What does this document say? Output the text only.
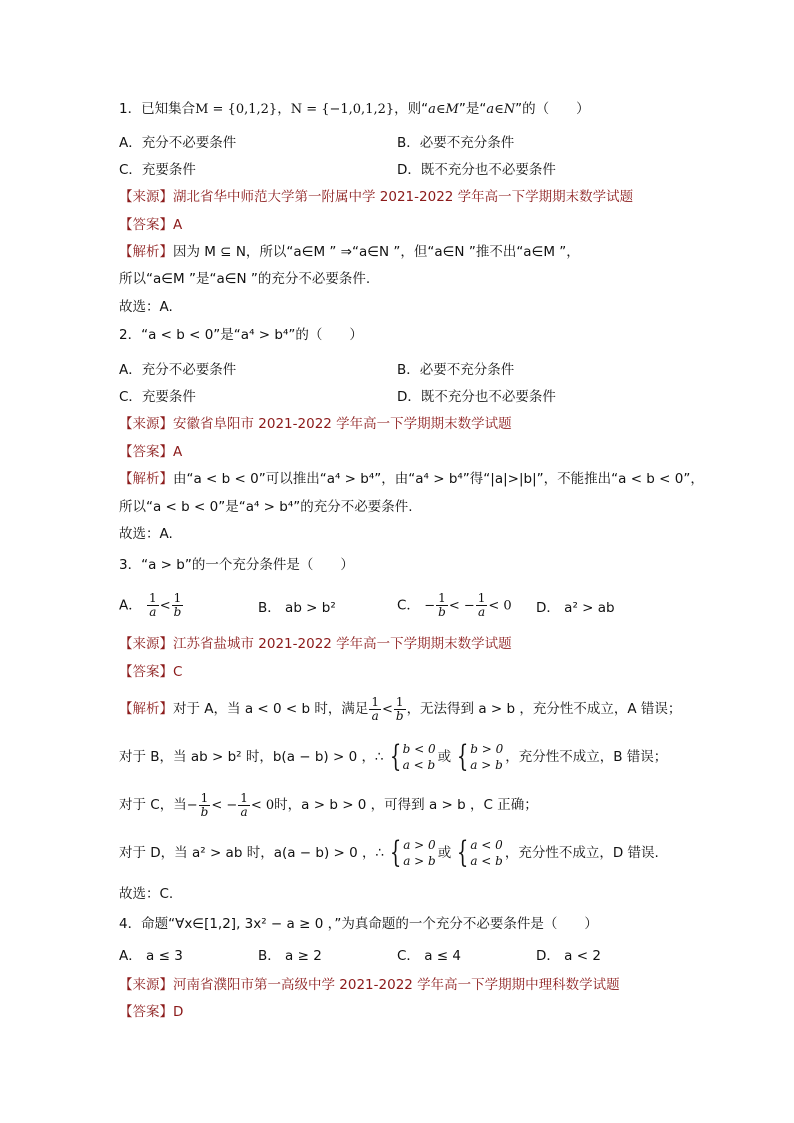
1．已知集合M = {0,1,2}，N = {−1,0,1,2}，则“a∈M”是“a∈N”的（　　）
A．充分不必要条件	B．必要不充分条件
C．充要条件	D．既不充分也不必要条件
【来源】湖北省华中师范大学第一附属中学 2021-2022 学年高一下学期期末数学试题
【答案】A
【解析】因为 M ⊆ N，所以“a∈M ” ⇒“a∈N ”，但“a∈N ”推不出“a∈M ”，
所以“a∈M ”是“a∈N ”的充分不必要条件.
故选：A.
2．“a < b < 0”是“a⁴ > b⁴”的（　　）
A．充分不必要条件	B．必要不充分条件
C．充要条件	D．既不充分也不必要条件
【来源】安徽省阜阳市 2021-2022 学年高一下学期期末数学试题
【答案】A
【解析】由“a < b < 0”可以推出“a⁴ > b⁴”，由“a⁴ > b⁴”得“|a|>|b|”，不能推出“a < b < 0”，
所以“a < b < 0”是“a⁴ > b⁴”的充分不必要条件.
故选：A.
3．“a > b”的一个充分条件是（　　）
A． $\frac{1}{a} < \frac{1}{b}$	B． ab > b²	C． − $\frac{1}{b}$ < − $\frac{1}{a} < 0$ D． a² > ab
【来源】江苏省盐城市 2021-2022 学年高一下学期期末数学试题
【答案】C
【解析】对于 A，当 a < 0 < b 时，满足 $\frac{1}{a} < \frac{1}{b}$ ，无法得到 a > b ，充分性不成立，A 错误；
对于 B，当 ab > b² 时，b(a − b) > 0 ，∴ { b < 0
a < b 或 { b > 0
a > b ，充分性不成立，B 错误；
对于 C，当− $\frac{1}{b}$ < − $\frac{1}{a} < 0$时，a > b > 0 ，可得到 a > b ，C 正确；
对于 D，当 a² > ab 时，a(a − b) > 0 ，∴ { a > 0
a > b 或 { a < 0
a < b ，充分性不成立，D 错误.
故选：C.
4．命题“∀x∈[1,2], 3x² − a ≥ 0 ，”为真命题的一个充分不必要条件是（　　）
A． a ≤ 3	B． a ≥ 2	C． a ≤ 4	D． a < 2
【来源】河南省濮阳市第一高级中学 2021-2022 学年高一下学期期中理科数学试题
【答案】D
